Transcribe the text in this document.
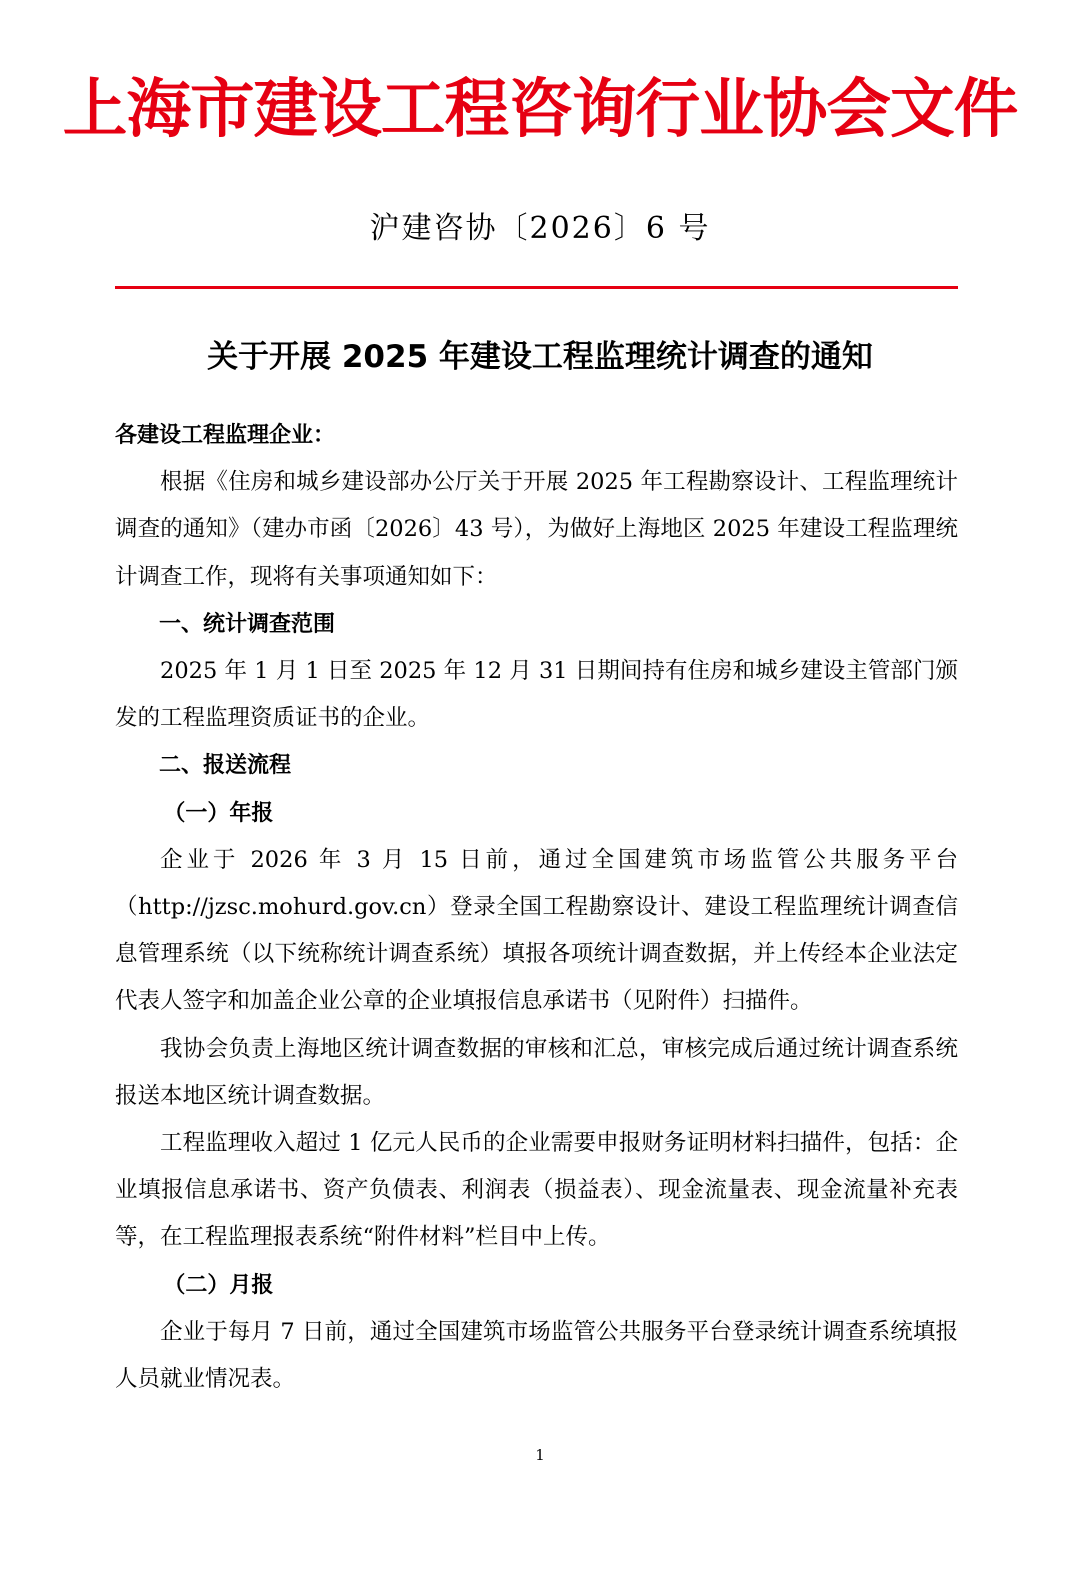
上海市建设工程咨询行业协会文件
沪建咨协〔2026〕6 号
关于开展 2025 年建设工程监理统计调查的通知

各建设工程监理企业：

根据《住房和城乡建设部办公厅关于开展 2025 年工程勘察设计、工程监理统计调查的通知》（建办市函〔2026〕43 号），为做好上海地区 2025 年建设工程监理统计调查工作，现将有关事项通知如下：

一、统计调查范围

2025 年 1 月 1 日至 2025 年 12 月 31 日期间持有住房和城乡建设主管部门颁发的工程监理资质证书的企业。

二、报送流程

（一）年报

企业于 2026 年 3 月 15 日前，通过全国建筑市场监管公共服务平台（http://jzsc.mohurd.gov.cn）登录全国工程勘察设计、建设工程监理统计调查信息管理系统（以下统称统计调查系统）填报各项统计调查数据，并上传经本企业法定代表人签字和加盖企业公章的企业填报信息承诺书（见附件）扫描件。

我协会负责上海地区统计调查数据的审核和汇总，审核完成后通过统计调查系统报送本地区统计调查数据。

工程监理收入超过 1 亿元人民币的企业需要申报财务证明材料扫描件，包括：企业填报信息承诺书、资产负债表、利润表（损益表）、现金流量表、现金流量补充表等，在工程监理报表系统“附件材料”栏目中上传。

（二）月报

企业于每月 7 日前，通过全国建筑市场监管公共服务平台登录统计调查系统填报人员就业情况表。

1
